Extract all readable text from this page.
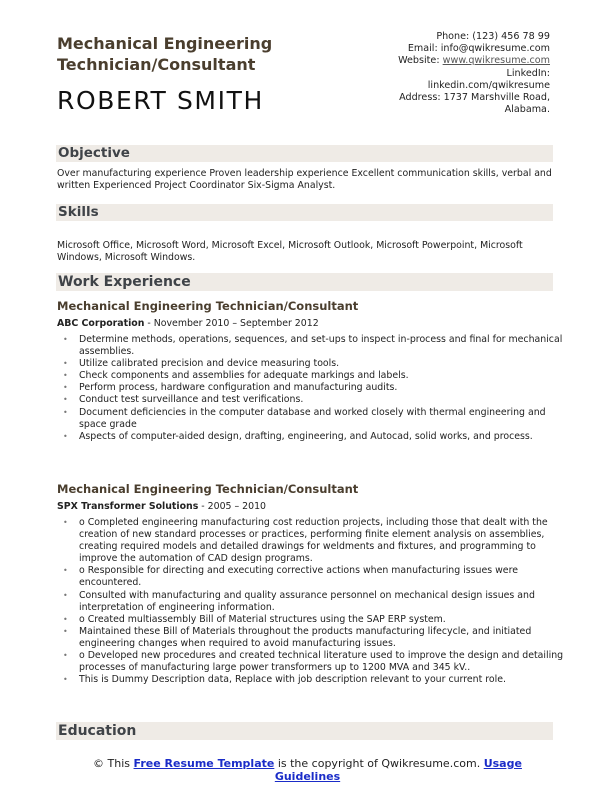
Mechanical Engineering
Technician/Consultant
ROBERT SMITH
Phone: (123) 456 78 99
Email: info@qwikresume.com
Website: www.qwikresume.com
LinkedIn:
linkedin.com/qwikresume
Address: 1737 Marshville Road,
Alabama.
Objective
Over manufacturing experience Proven leadership experience Excellent communication skills, verbal and written Experienced Project Coordinator Six-Sigma Analyst.
Skills
Microsoft Office, Microsoft Word, Microsoft Excel, Microsoft Outlook, Microsoft Powerpoint, Microsoft Windows, Microsoft Windows.
Work Experience
Mechanical Engineering Technician/Consultant
ABC Corporation - November 2010 – September 2012
• Determine methods, operations, sequences, and set-ups to inspect in-process and final for mechanical assemblies.
• Utilize calibrated precision and device measuring tools.
• Check components and assemblies for adequate markings and labels.
• Perform process, hardware configuration and manufacturing audits.
• Conduct test surveillance and test verifications.
• Document deficiencies in the computer database and worked closely with thermal engineering and space grade
• Aspects of computer-aided design, drafting, engineering, and Autocad, solid works, and process.
Mechanical Engineering Technician/Consultant
SPX Transformer Solutions - 2005 – 2010
• o Completed engineering manufacturing cost reduction projects, including those that dealt with the creation of new standard processes or practices, performing finite element analysis on assemblies, creating required models and detailed drawings for weldments and fixtures, and programming to improve the automation of CAD design programs.
• o Responsible for directing and executing corrective actions when manufacturing issues were encountered.
• Consulted with manufacturing and quality assurance personnel on mechanical design issues and interpretation of engineering information.
• o Created multiassembly Bill of Material structures using the SAP ERP system.
• Maintained these Bill of Materials throughout the products manufacturing lifecycle, and initiated engineering changes when required to avoid manufacturing issues.
• o Developed new procedures and created technical literature used to improve the design and detailing processes of manufacturing large power transformers up to 1200 MVA and 345 kV..
• This is Dummy Description data, Replace with job description relevant to your current role.
Education
© This Free Resume Template is the copyright of Qwikresume.com. Usage Guidelines
